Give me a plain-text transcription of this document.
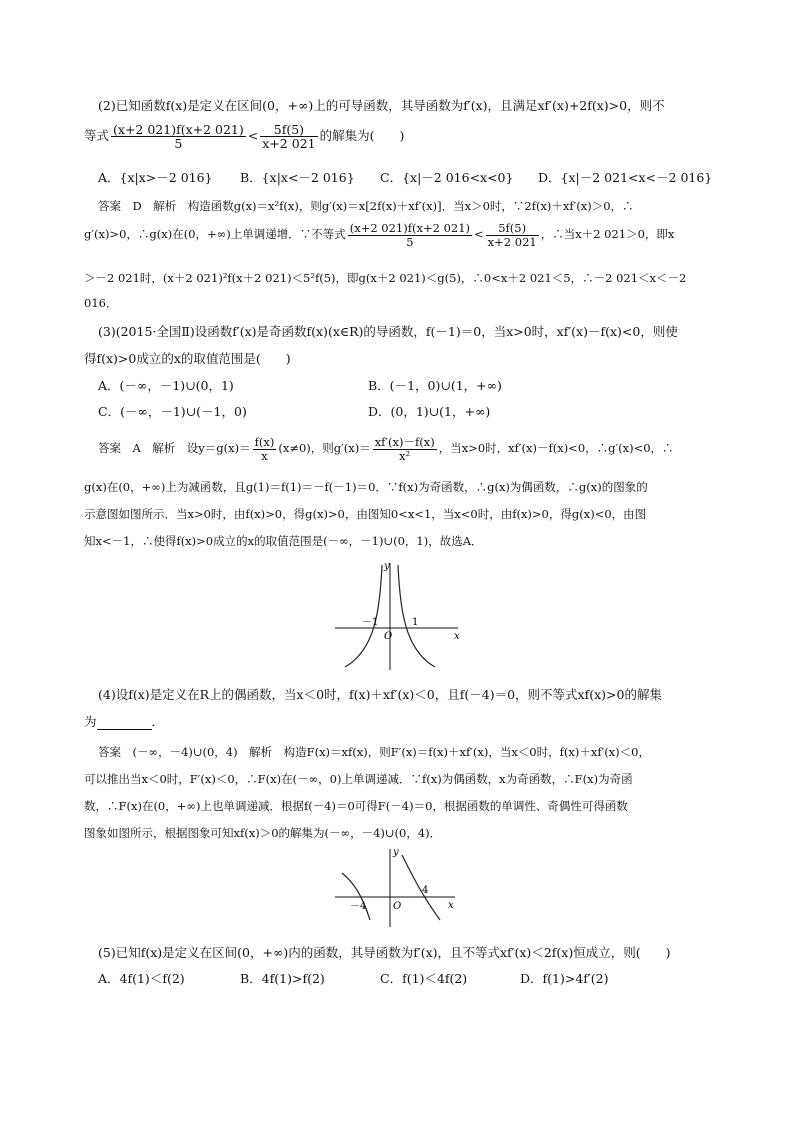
(2)已知函数f(x)是定义在区间(0，+∞)上的可导函数，其导函数为f′(x)，且满足xf′(x)+2f(x)>0，则不
等式 $\frac{(x+2 021)f(x+2 021)}{5} < \frac{5f(5)}{x+2 021}$ 的解集为(　　)
A．{x|x>－2 016} B．{x|x<－2 016} C．{x|－2 016<x<0} D．{x|－2 021<x<－2 016}
答案　D　解析　构造函数g(x)＝x²f(x)，则g′(x)＝x[2f(x)＋xf′(x)]．当x＞0时，∵2f(x)＋xf′(x)＞0，∴
g′(x)>0，∴g(x)在(0，+∞)上单调递增．∵不等式 $\frac{(x+2 021)f(x+2 021)}{5} < \frac{5f(5)}{x+2 021}$ ，∴当x＋2 021＞0，即x
＞－2 021时，(x＋2 021)²f(x＋2 021)＜5²f(5)，即g(x＋2 021)＜g(5)，∴0<x＋2 021＜5，∴－2 021＜x＜－2
016．
(3)(2015·全国Ⅱ)设函数f′(x)是奇函数f(x)(x∈R)的导函数，f(－1)＝0，当x>0时，xf′(x)－f(x)<0，则使
得f(x)>0成立的x的取值范围是(　　)
A．(－∞，－1)∪(0，1)	B．(－1，0)∪(1，+∞)
C．(－∞，－1)∪(－1，0)	D．(0，1)∪(1，+∞)
答案　A　解析　设$y=g(x)= \frac{f(x)}{x} (x\ne 0)$，则$g'(x)= \frac{xf'(x)-f(x)}{\text{x²}}$ ，当x>0时，xf′(x)－f(x)<0，∴g′(x)<0，∴
g(x)在(0，+∞)上为减函数，且g(1)＝f(1)＝－f(－1)＝0．∵f(x)为奇函数，∴g(x)为偶函数，∴g(x)的图象的
示意图如图所示．当x>0时，由f(x)>0，得g(x)>0，由图知0<x<1，当x<0时，由f(x)>0，得g(x)<0，由图
知x<－1，∴使得f(x)>0成立的x的取值范围是(－∞，－1)∪(0，1)，故选A．
y
x
O
－1	1
(4)设f(x)是定义在R上的偶函数，当x＜0时，f(x)＋xf′(x)＜0，且f(－4)＝0，则不等式xf(x)>0的解集
为	．
答案　(－∞，－4)∪(0，4)　解析　构造F(x)＝xf(x)，则F′(x)＝f(x)＋xf′(x)，当x＜0时，f(x)＋xf′(x)＜0，
可以推出当x＜0时，F′(x)＜0，∴F(x)在(－∞，0)上单调递减．∵f(x)为偶函数，x为奇函数，∴F(x)为奇函
数，∴F(x)在(0，+∞)上也单调递减．根据f(－4)＝0可得F(－4)＝0，根据函数的单调性、奇偶性可得函数
图象如图所示，根据图象可知xf(x)＞0的解集为(－∞，－4)∪(0，4)．
y
x
O
－4
4
(5)已知f(x)是定义在区间(0，+∞)内的函数，其导函数为f′(x)，且不等式xf′(x)＜2f(x)恒成立，则(　　)
A．4f(1)＜f(2)	B．4f(1)>f(2)	C．f(1)＜4f(2)	D．f(1)>4f′(2)
